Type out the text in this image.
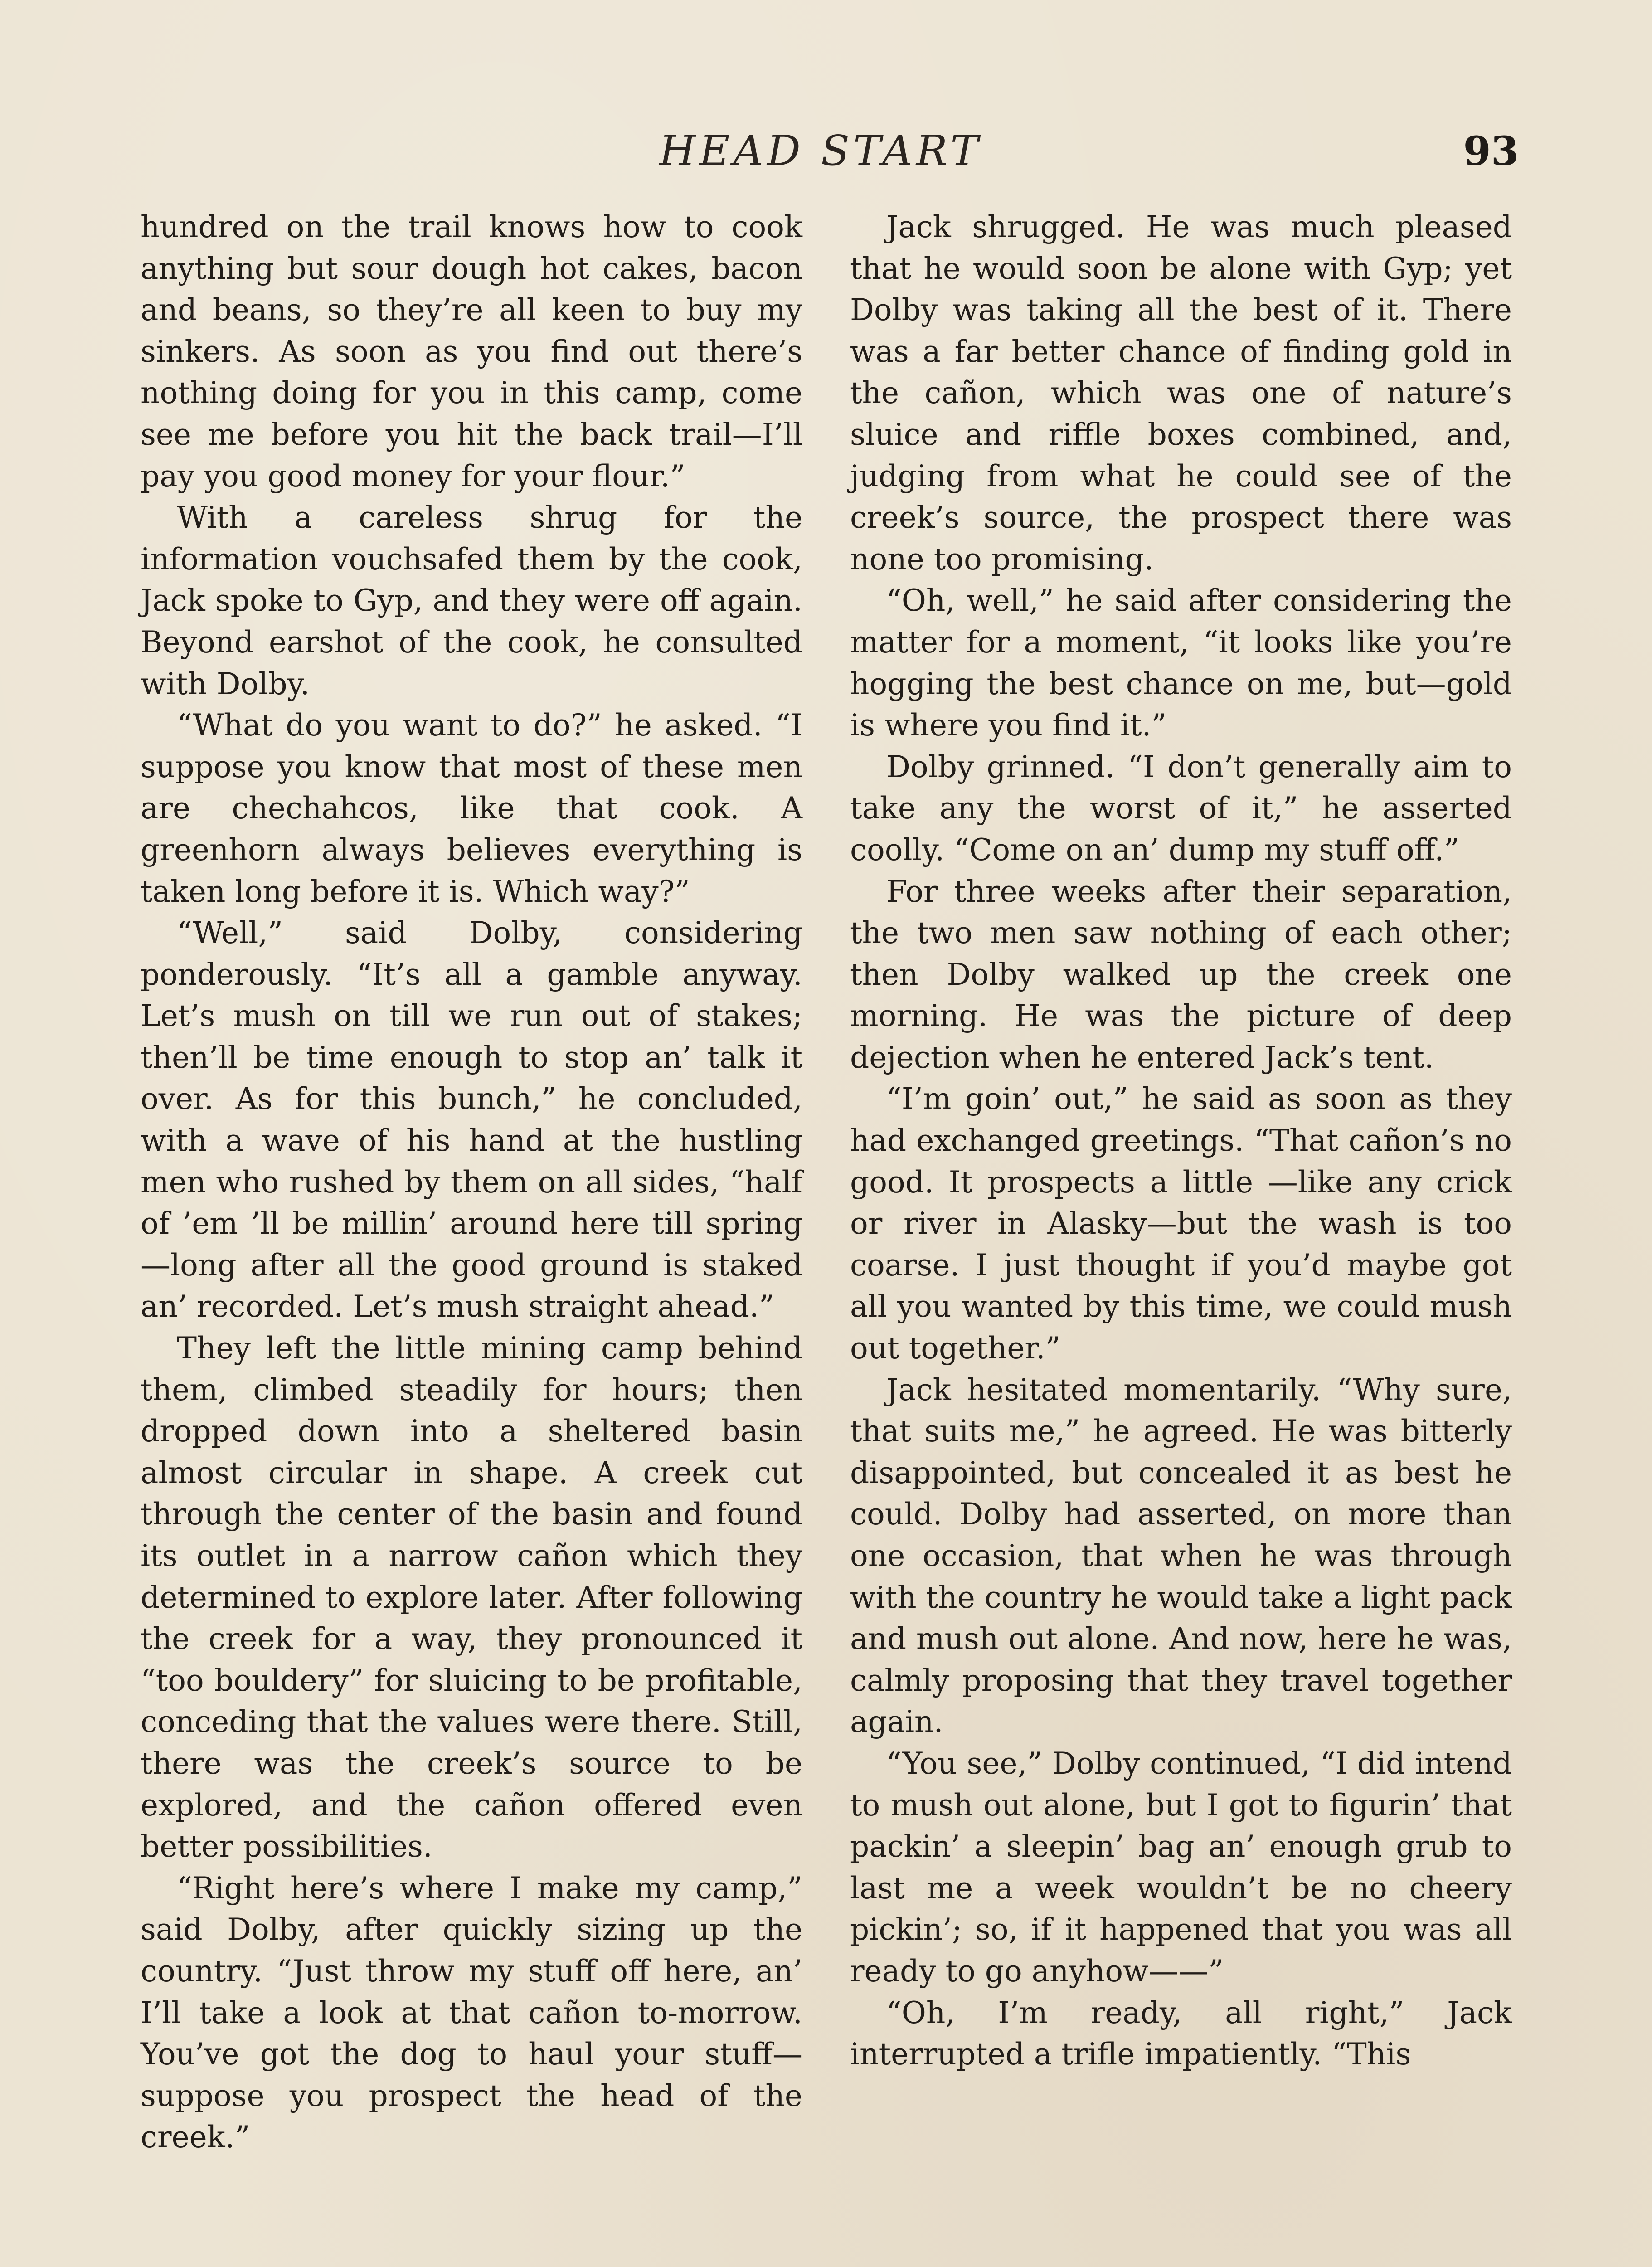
HEAD START	93

hundred on the trail knows how to cook anything but sour dough hot cakes, bacon and beans, so they’re all keen to buy my sinkers. As soon as you find out there’s nothing doing for you in this camp, come see me before you hit the back trail—I’ll pay you good money for your flour.”

With a careless shrug for the information vouchsafed them by the cook, Jack spoke to Gyp, and they were off again. Beyond earshot of the cook, he consulted with Dolby.

“What do you want to do?” he asked. “I suppose you know that most of these men are chechahcos, like that cook. A greenhorn always believes everything is taken long before it is. Which way?”

“Well,” said Dolby, considering ponderously. “It’s all a gamble anyway. Let’s mush on till we run out of stakes; then’ll be time enough to stop an’ talk it over. As for this bunch,” he concluded, with a wave of his hand at the hustling men who rushed by them on all sides, “half of ’em ’ll be millin’ around here till spring—long after all the good ground is staked an’ recorded. Let’s mush straight ahead.”

They left the little mining camp behind them, climbed steadily for hours; then dropped down into a sheltered basin almost circular in shape. A creek cut through the center of the basin and found its outlet in a narrow cañon which they determined to explore later. After following the creek for a way, they pronounced it “too bouldery” for sluicing to be profitable, conceding that the values were there. Still, there was the creek’s source to be explored, and the cañon offered even better possibilities.

“Right here’s where I make my camp,” said Dolby, after quickly sizing up the country. “Just throw my stuff off here, an’ I’ll take a look at that cañon to-morrow. You’ve got the dog to haul your stuff—suppose you prospect the head of the creek.”

Jack shrugged. He was much pleased that he would soon be alone with Gyp; yet Dolby was taking all the best of it. There was a far better chance of finding gold in the cañon, which was one of nature’s sluice and riffle boxes combined, and, judging from what he could see of the creek’s source, the prospect there was none too promising.

“Oh, well,” he said after considering the matter for a moment, “it looks like you’re hogging the best chance on me, but—gold is where you find it.”

Dolby grinned. “I don’t generally aim to take any the worst of it,” he asserted coolly. “Come on an’ dump my stuff off.”

For three weeks after their separation, the two men saw nothing of each other; then Dolby walked up the creek one morning. He was the picture of deep dejection when he entered Jack’s tent.

“I’m goin’ out,” he said as soon as they had exchanged greetings. “That cañon’s no good. It prospects a little —like any crick or river in Alasky—but the wash is too coarse. I just thought if you’d maybe got all you wanted by this time, we could mush out together.”

Jack hesitated momentarily. “Why sure, that suits me,” he agreed. He was bitterly disappointed, but concealed it as best he could. Dolby had asserted, on more than one occasion, that when he was through with the country he would take a light pack and mush out alone. And now, here he was, calmly proposing that they travel together again.

“You see,” Dolby continued, “I did intend to mush out alone, but I got to figurin’ that packin’ a sleepin’ bag an’ enough grub to last me a week wouldn’t be no cheery pickin’; so, if it happened that you was all ready to go anyhow——”

“Oh, I’m ready, all right,” Jack interrupted a trifle impatiently. “This
